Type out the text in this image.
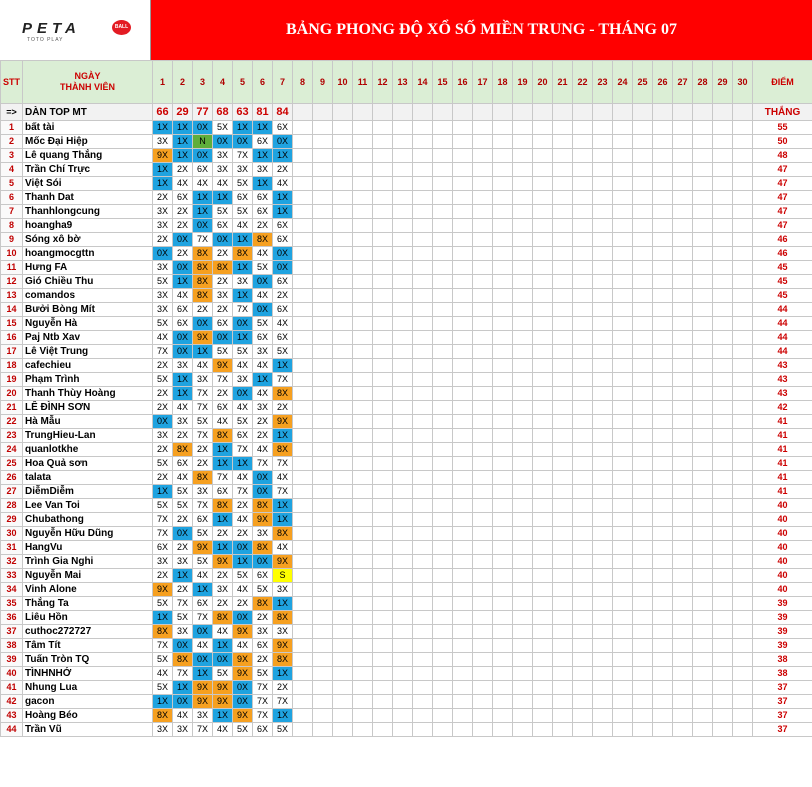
PETA	BALL
TOTO PLAY
BẢNG PHONG ĐỘ XỔ SỐ MIỀN TRUNG - THÁNG 07
STT	NGÀY
THÀNH VIÊN	1	2	3	4	5	6	7	8	9	10	11	12	13	14	15	16	17	18	19	20	21	22	23	24	25	26	27	28	29	30	ĐIỂM
=>	DÀN TOP MT	66	29	77	68	63	81	84																								THẮNG
1	bất tài	1X	1X	0X	5X	1X	1X	6X																								55
2	Mốc Đại Hiệp	3X	1X	N	0X	0X	6X	0X																								50
3	Lê quang Thắng	9X	1X	0X	3X	7X	1X	1X																								48
4	Trần Chí Trực	1X	2X	6X	3X	3X	3X	2X																								47
5	Việt Sói	1X	4X	4X	4X	5X	1X	4X																								47
6	Thanh Dat	2X	6X	1X	1X	6X	6X	1X																								47
7	Thanhlongcung	3X	2X	1X	5X	5X	6X	1X																								47
8	hoangha9	3X	2X	0X	6X	4X	2X	6X																								47
9	Sóng xô bờ	2X	0X	7X	0X	1X	8X	6X																								46
10	hoangmocgttn	0X	2X	8X	2X	8X	4X	0X																								46
11	Hưng FA	3X	0X	8X	8X	1X	5X	0X																								45
12	Gió Chiều Thu	5X	1X	8X	2X	3X	0X	6X																								45
13	comandos	3X	4X	8X	3X	1X	4X	2X																								45
14	Bưởi Bòng Mít	3X	6X	2X	2X	7X	0X	6X																								44
15	Nguyễn Hà	5X	6X	0X	6X	0X	5X	4X																								44
16	Paj Ntb Xav	4X	0X	9X	0X	1X	6X	6X																								44
17	Lê Việt Trung	7X	0X	1X	5X	5X	3X	5X																								44
18	cafechieu	2X	3X	4X	9X	4X	4X	1X																								43
19	Phạm Trình	5X	1X	3X	7X	3X	1X	7X																								43
20	Thanh Thùy Hoàng	2X	1X	7X	2X	0X	4X	8X																								43
21	LÊ ĐÌNH SƠN	2X	4X	7X	6X	4X	3X	2X																								42
22	Hà Mẫu	0X	3X	5X	4X	5X	2X	9X																								41
23	TrungHieu-Lan	3X	2X	7X	8X	6X	2X	1X																								41
24	quanlotkhe	2X	8X	2X	1X	7X	4X	8X																								41
25	Hoa Quả sơn	5X	6X	2X	1X	1X	7X	7X																								41
26	talata	2X	4X	8X	7X	4X	0X	4X																								41
27	DiễmDiễm	1X	5X	3X	6X	7X	0X	7X																								41
28	Lee Van Toi	5X	5X	7X	8X	2X	8X	1X																								40
29	Chubathong	7X	2X	6X	1X	4X	9X	1X																								40
30	Nguyễn Hữu Dũng	7X	0X	5X	2X	2X	3X	8X																								40
31	HangVu	6X	2X	9X	1X	0X	8X	4X																								40
32	Trình Gia Nghi	3X	3X	5X	9X	1X	0X	9X																								40
33	Nguyễn Mai	2X	1X	4X	2X	5X	6X	S																								40
34	Vinh Alone	9X	2X	1X	3X	4X	5X	3X																								40
35	Thắng Ta	5X	7X	6X	2X	2X	8X	1X																								39
36	Liêu Hồn	1X	5X	7X	8X	0X	2X	8X																								39
37	cuthoc272727	8X	3X	0X	4X	9X	3X	3X																								39
38	Tâm Tít	7X	0X	4X	1X	4X	6X	9X																								39
39	Tuấn Tròn TQ	5X	8X	0X	0X	9X	2X	8X																								38
40	TÌNHNHỚ	4X	7X	1X	5X	9X	5X	1X																								38
41	Nhung Lua	5X	1X	9X	9X	0X	7X	2X																								37
42	gacon	1X	0X	9X	9X	0X	7X	7X																								37
43	Hoàng Béo	8X	4X	3X	1X	9X	7X	1X																								37
44	Trần Vũ	3X	3X	7X	4X	5X	6X	5X																								37
